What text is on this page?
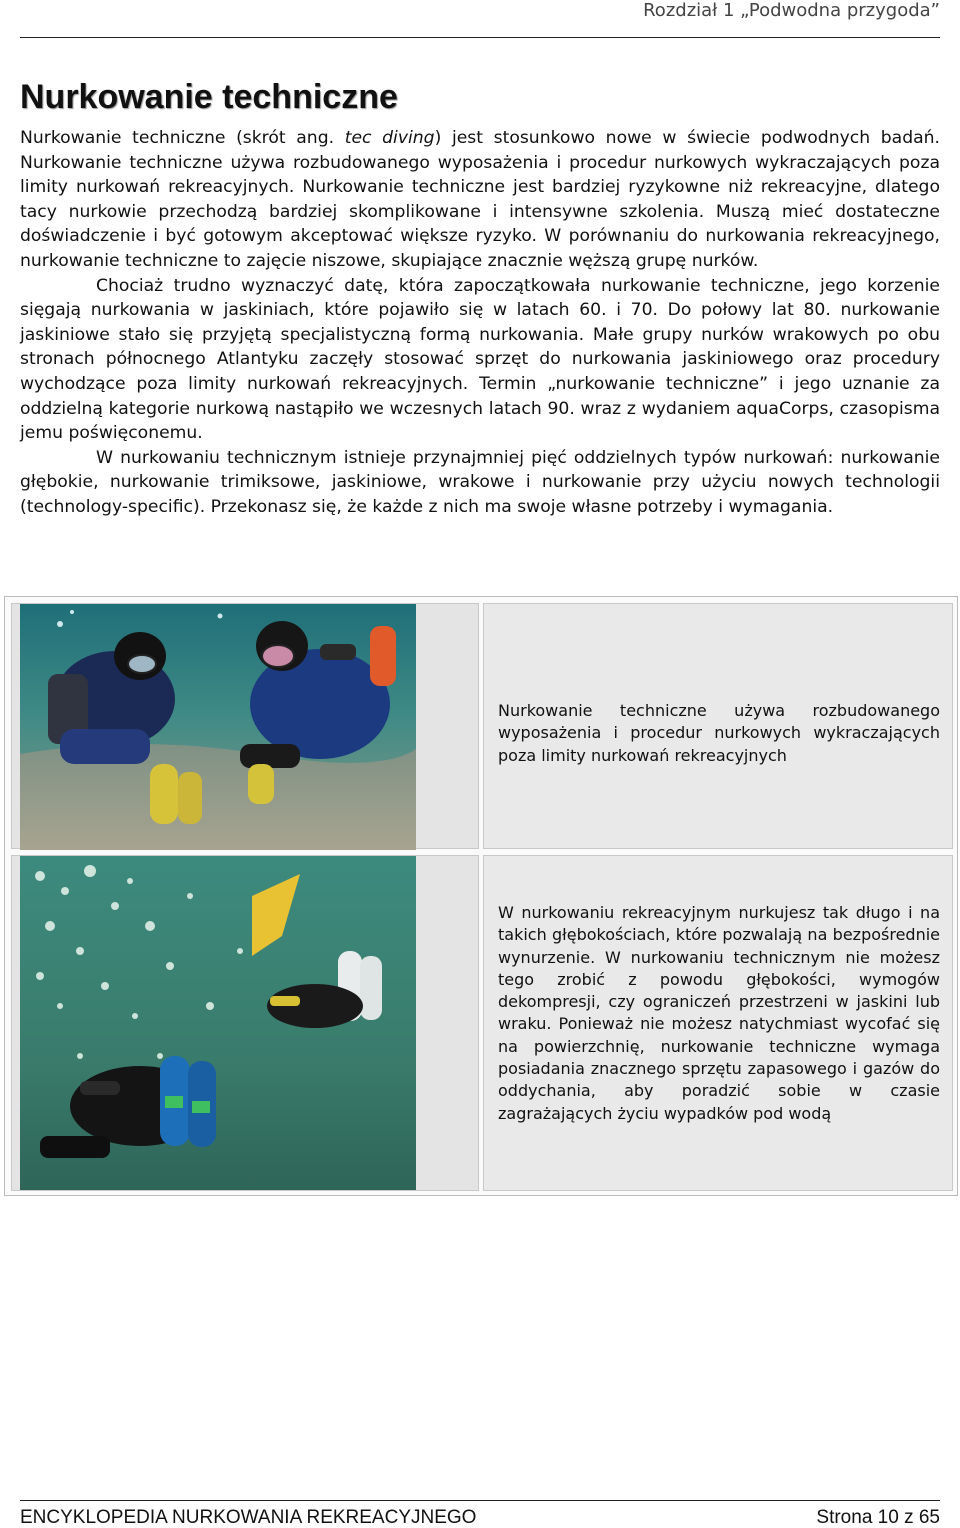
Rozdział 1 „Podwodna przygoda”
Nurkowanie techniczne

Nurkowanie techniczne (skrót ang. tec diving) jest stosunkowo nowe w świecie podwodnych badań. Nurkowanie techniczne używa rozbudowanego wyposażenia i procedur nurkowych wykraczających poza limity nurkowań rekreacyjnych. Nurkowanie techniczne jest bardziej ryzykowne niż rekreacyjne, dlatego tacy nurkowie przechodzą bardziej skomplikowane i intensywne szkolenia. Muszą mieć dostateczne doświadczenie i być gotowym akceptować większe ryzyko. W porównaniu do nurkowania rekreacyjnego, nurkowanie techniczne to zajęcie niszowe, skupiające znacznie węższą grupę nurków.

Chociaż trudno wyznaczyć datę, która zapoczątkowała nurkowanie techniczne, jego korzenie sięgają nurkowania w jaskiniach, które pojawiło się w latach 60. i 70. Do połowy lat 80. nurkowanie jaskiniowe stało się przyjętą specjalistyczną formą nurkowania. Małe grupy nurków wrakowych po obu stronach północnego Atlantyku zaczęły stosować sprzęt do nurkowania jaskiniowego oraz procedury wychodzące poza limity nurkowań rekreacyjnych. Termin „nurkowanie techniczne” i jego uznanie za oddzielną kategorie nurkową nastąpiło we wczesnych latach 90. wraz z wydaniem aquaCorps, czasopisma jemu poświęconemu.

W nurkowaniu technicznym istnieje przynajmniej pięć oddzielnych typów nurkowań: nurkowanie głębokie, nurkowanie trimiksowe, jaskiniowe, wrakowe i nurkowanie przy użyciu nowych technologii (technology-specific). Przekonasz się, że każde z nich ma swoje własne potrzeby i wymagania.

Nurkowanie techniczne używa rozbudowanego wyposażenia i procedur nurkowych wykraczających poza limity nurkowań rekreacyjnych

W nurkowaniu rekreacyjnym nurkujesz tak długo i na takich głębokościach, które pozwalają na bezpośrednie wynurzenie. W nurkowaniu technicznym nie możesz tego zrobić z powodu głębokości, wymogów dekompresji, czy ograniczeń przestrzeni w jaskini lub wraku. Ponieważ nie możesz natychmiast wycofać się na powierzchnię, nurkowanie techniczne wymaga posiadania znacznego sprzętu zapasowego i gazów do oddychania, aby poradzić sobie w czasie zagrażających życiu wypadków pod wodą

ENCYKLOPEDIA NURKOWANIA REKREACYJNEGO	Strona 10 z 65
